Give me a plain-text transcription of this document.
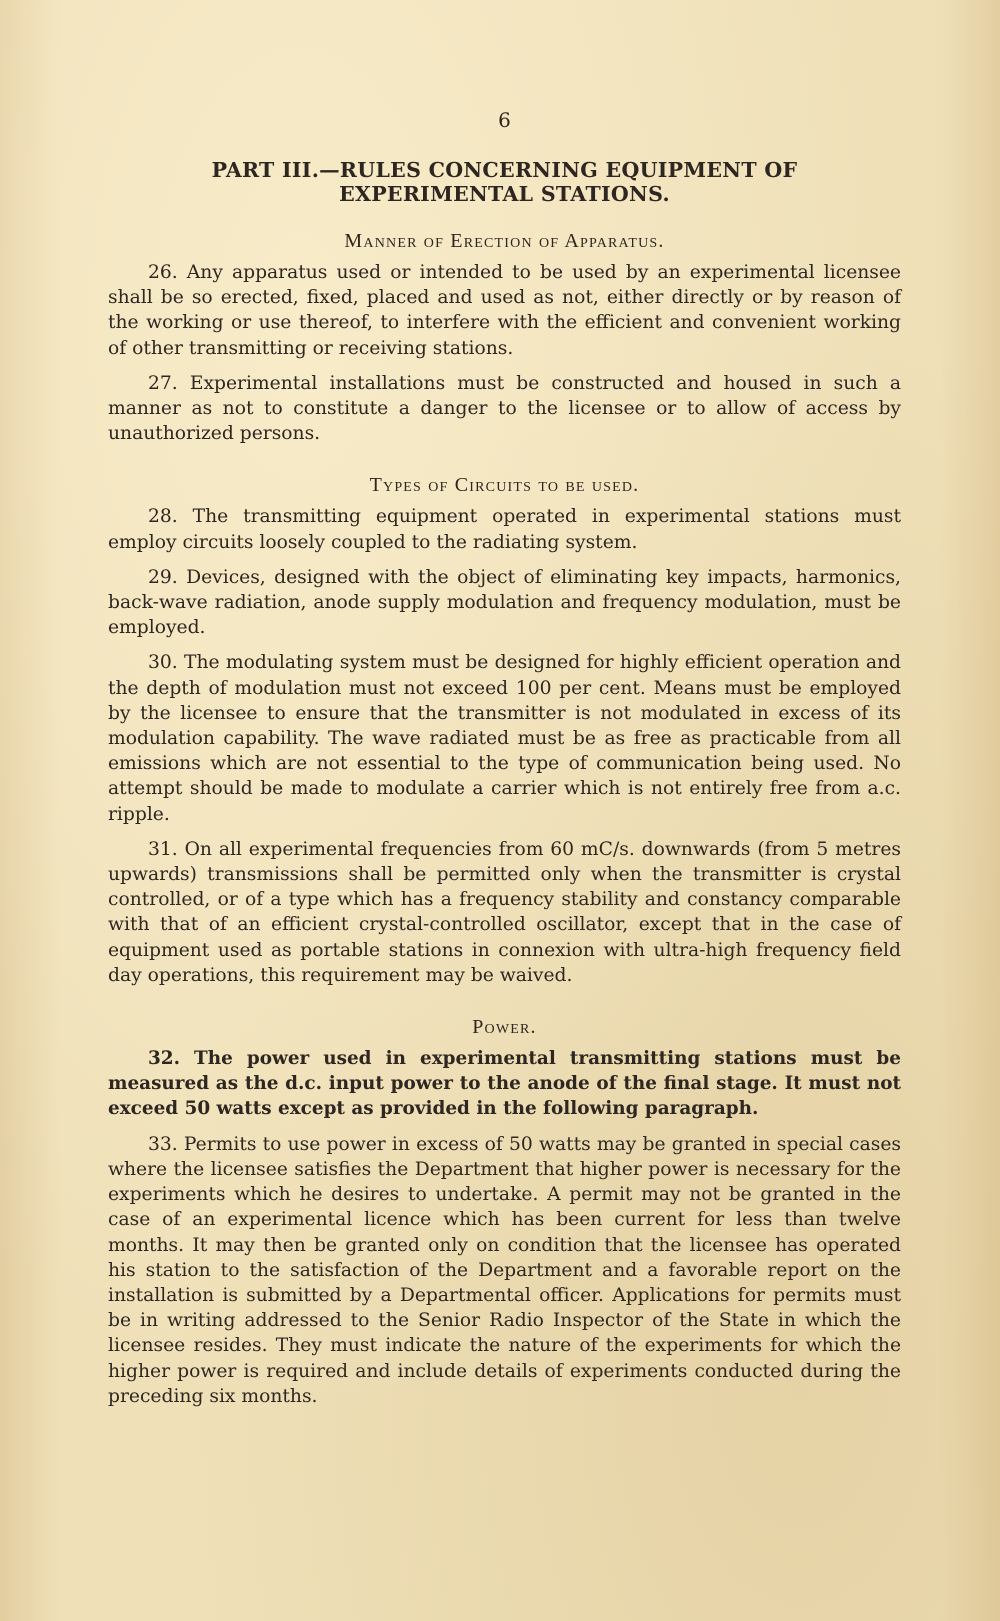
6
PART III.—RULES CONCERNING EQUIPMENT OF
EXPERIMENTAL STATIONS.
Manner of Erection of Apparatus.

26. Any apparatus used or intended to be used by an experimental licensee shall be so erected, fixed, placed and used as not, either directly or by reason of the working or use thereof, to interfere with the efficient and convenient working of other transmitting or receiving stations.

27. Experimental installations must be constructed and housed in such a manner as not to constitute a danger to the licensee or to allow of access by unauthorized persons.

Types of Circuits to be used.

28. The transmitting equipment operated in experimental stations must employ circuits loosely coupled to the radiating system.

29. Devices, designed with the object of eliminating key impacts, harmonics, back-wave radiation, anode supply modulation and frequency modulation, must be employed.

30. The modulating system must be designed for highly efficient operation and the depth of modulation must not exceed 100 per cent. Means must be employed by the licensee to ensure that the transmitter is not modulated in excess of its modulation capability. The wave radiated must be as free as practicable from all emissions which are not essential to the type of communication being used. No attempt should be made to modulate a carrier which is not entirely free from a.c. ripple.

31. On all experimental frequencies from 60 mC/s. downwards (from 5 metres upwards) transmissions shall be permitted only when the transmitter is crystal controlled, or of a type which has a frequency stability and constancy comparable with that of an efficient crystal-controlled oscillator, except that in the case of equipment used as portable stations in connexion with ultra-high frequency field day operations, this requirement may be waived.

Power.

32. The power used in experimental transmitting stations must be measured as the d.c. input power to the anode of the final stage. It must not exceed 50 watts except as provided in the following paragraph.

33. Permits to use power in excess of 50 watts may be granted in special cases where the licensee satisfies the Department that higher power is necessary for the experiments which he desires to undertake. A permit may not be granted in the case of an experimental licence which has been current for less than twelve months. It may then be granted only on condition that the licensee has operated his station to the satisfaction of the Department and a favorable report on the installation is submitted by a Departmental officer. Applications for permits must be in writing addressed to the Senior Radio Inspector of the State in which the licensee resides. They must indicate the nature of the experiments for which the higher power is required and include details of experiments conducted during the preceding six months.
